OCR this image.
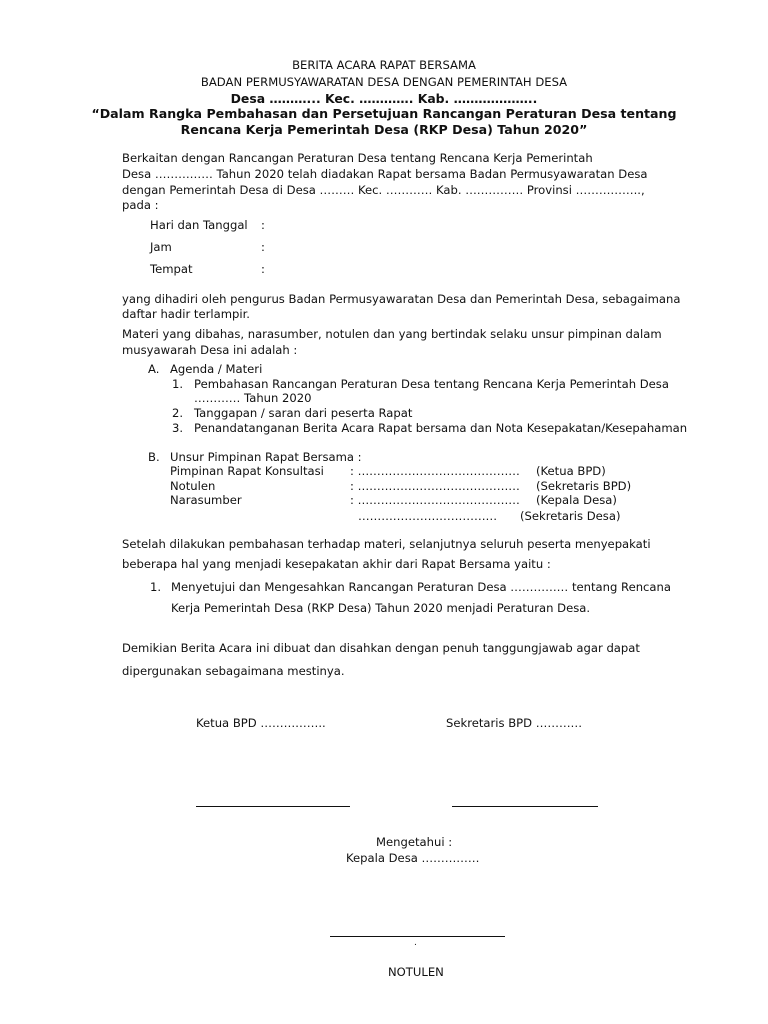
BERITA ACARA RAPAT BERSAMA
BADAN PERMUSYAWARATAN DESA DENGAN PEMERINTAH DESA
Desa ………... Kec. …………. Kab. ………………..
“Dalam Rangka Pembahasan dan Persetujuan Rancangan Peraturan Desa tentang
Rencana Kerja Pemerintah Desa (RKP Desa) Tahun 2020”
Berkaitan dengan Rancangan Peraturan Desa tentang Rencana Kerja Pemerintah
Desa …………… Tahun 2020 telah diadakan Rapat bersama Badan Permusyawaratan Desa
dengan Pemerintah Desa di Desa ……… Kec. ………… Kab. …………… Provinsi ……………..,
pada :
Hari dan Tanggal :
Jam	:
Tempat	:
yang dihadiri oleh pengurus Badan Permusyawaratan Desa dan Pemerintah Desa, sebagaimana
daftar hadir terlampir.
Materi yang dibahas, narasumber, notulen dan yang bertindak selaku unsur pimpinan dalam
musyawarah Desa ini adalah :
A. Agenda / Materi
1. Pembahasan Rancangan Peraturan Desa tentang Rencana Kerja Pemerintah Desa
………… Tahun 2020
2. Tanggapan / saran dari peserta Rapat
3. Penandatanganan Berita Acara Rapat bersama dan Nota Kesepakatan/Kesepahaman
B. Unsur Pimpinan Rapat Bersama :
Pimpinan Rapat Konsultasi : …………………………………… (Ketua BPD)
Notulen	: …………………………………… (Sekretaris BPD)
Narasumber	: …………………………………… (Kepala Desa)
……………………………… (Sekretaris Desa)
Setelah dilakukan pembahasan terhadap materi, selanjutnya seluruh peserta menyepakati
beberapa hal yang menjadi kesepakatan akhir dari Rapat Bersama yaitu :
1. Menyetujui dan Mengesahkan Rancangan Peraturan Desa …………… tentang Rencana
Kerja Pemerintah Desa (RKP Desa) Tahun 2020 menjadi Peraturan Desa.
Demikian Berita Acara ini dibuat dan disahkan dengan penuh tanggungjawab agar dapat
dipergunakan sebagaimana mestinya.
Ketua BPD ……………..	Sekretaris BPD …………
Mengetahui :
Kepala Desa ……………
.
NOTULEN
